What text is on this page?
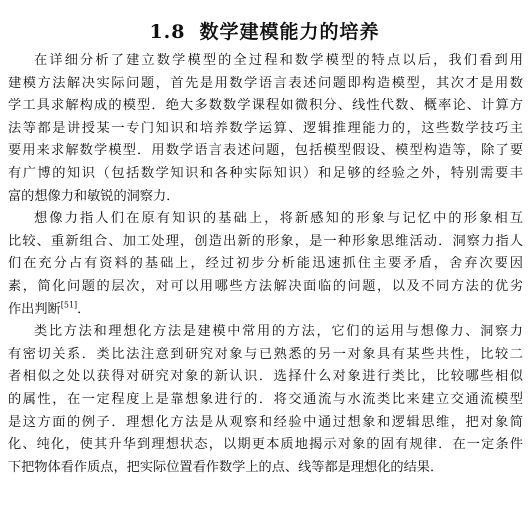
1.8 数学建模能力的培养

在详细分析了建立数学模型的全过程和数学模型的特点以后，我们看到用
建模方法解决实际问题，首先是用数学语言表述问题即构造模型，其次才是用数
学工具求解构成的模型．绝大多数数学课程如微积分、线性代数、概率论、计算方
法等都是讲授某一专门知识和培养数学运算、逻辑推理能力的，这些数学技巧主
要用来求解数学模型．用数学语言表述问题，包括模型假设、模型构造等，除了要
有广博的知识（包括数学知识和各种实际知识）和足够的经验之外，特别需要丰
富的想像力和敏锐的洞察力．

想像力指人们在原有知识的基础上，将新感知的形象与记忆中的形象相互
比较、重新组合、加工处理，创造出新的形象，是一种形象思维活动．洞察力指人
们在充分占有资料的基础上，经过初步分析能迅速抓住主要矛盾，舍弃次要因
素，简化问题的层次，对可以用哪些方法解决面临的问题，以及不同方法的优劣
作出判断[51]．

类比方法和理想化方法是建模中常用的方法，它们的运用与想像力、洞察力
有密切关系．类比法注意到研究对象与已熟悉的另一对象具有某些共性，比较二
者相似之处以获得对研究对象的新认识．选择什么对象进行类比，比较哪些相似
的属性，在一定程度上是靠想象进行的．将交通流与水流类比来建立交通流模型
是这方面的例子．理想化方法是从观察和经验中通过想象和逻辑思维，把对象简
化、纯化，使其升华到理想状态，以期更本质地揭示对象的固有规律．在一定条件
下把物体看作质点，把实际位置看作数学上的点、线等都是理想化的结果．
